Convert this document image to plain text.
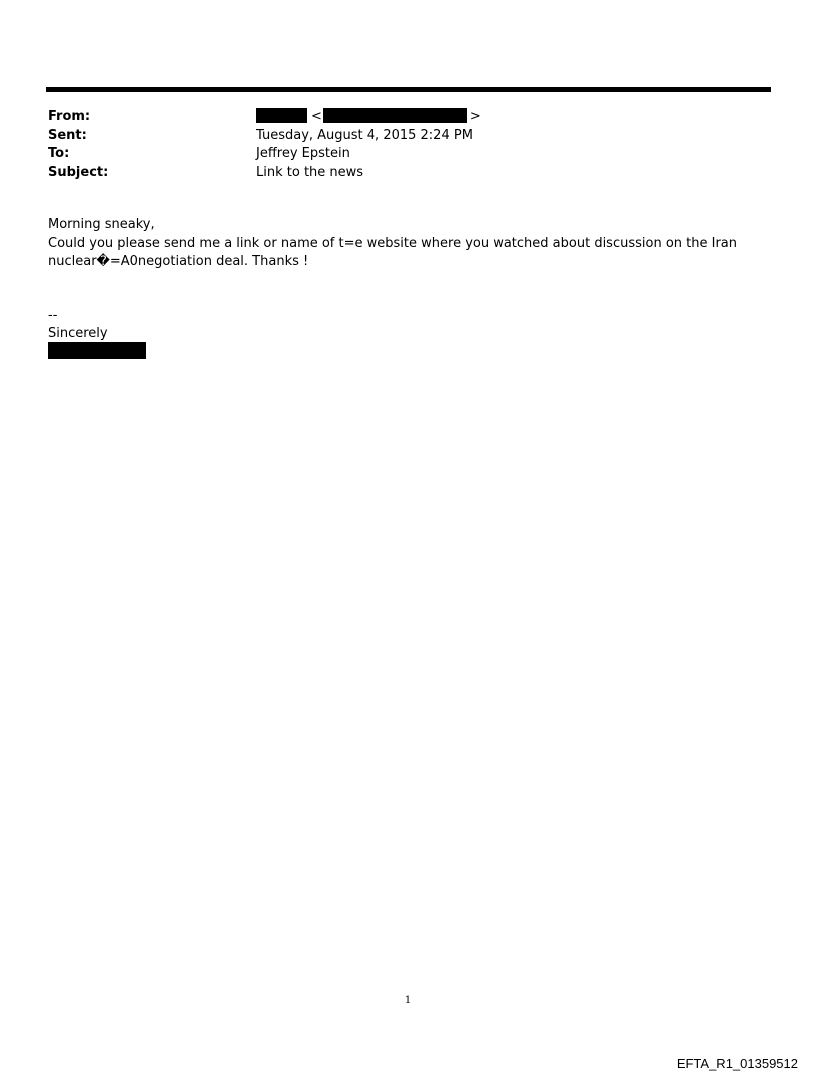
From:	<	>
Sent:	Tuesday, August 4, 2015 2:24 PM
To:	Jeffrey Epstein
Subject:	Link to the news

Morning sneaky,

Could you please send me a link or name of t=e website where you watched about discussion on the Iran

nuclear�=A0negotiation deal. Thanks !

--
Sincerely
1
EFTA_R1_01359512
